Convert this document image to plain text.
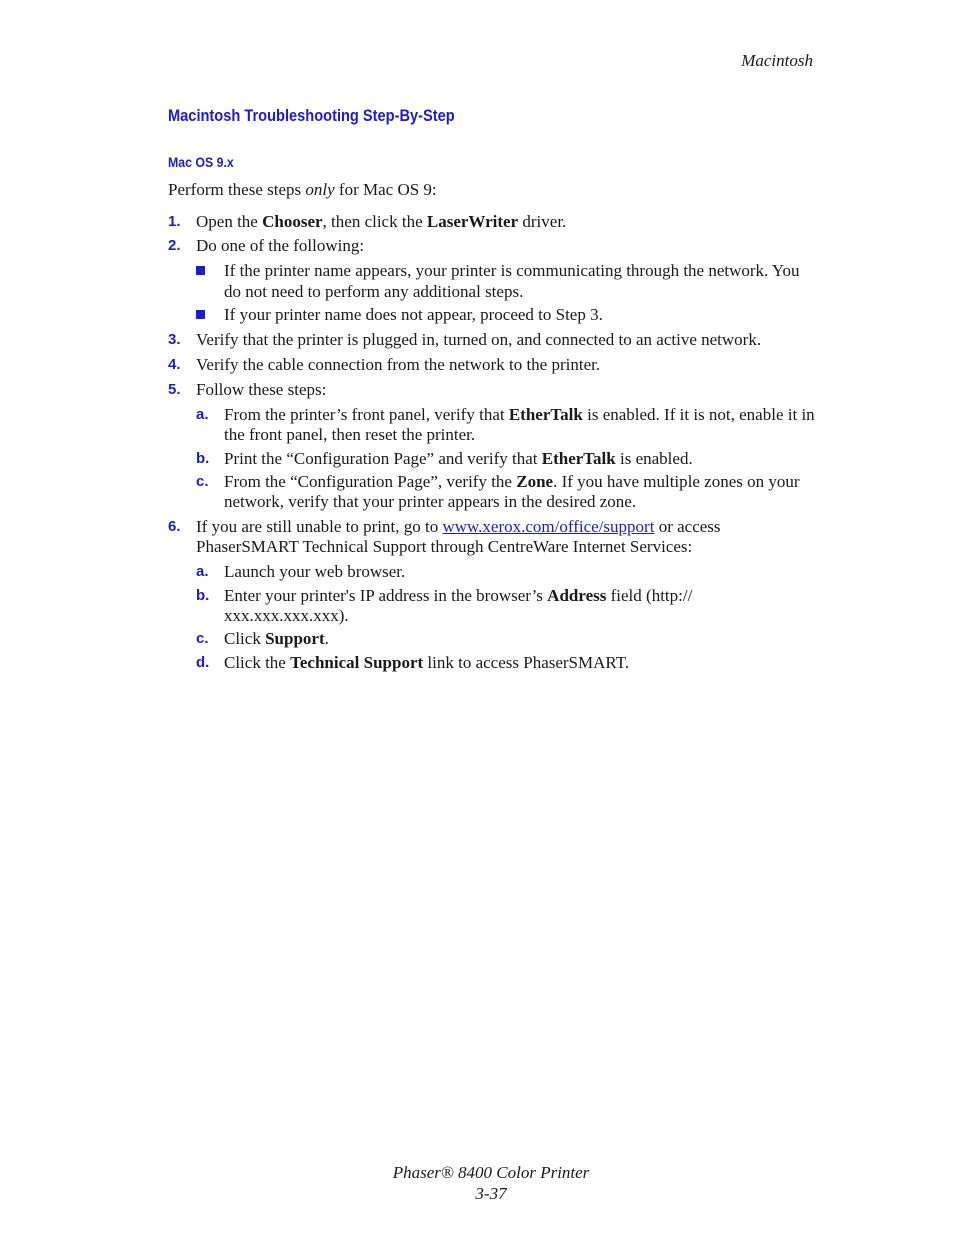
Macintosh
Macintosh Troubleshooting Step-By-Step
Mac OS 9.x
Perform these steps only for Mac OS 9:
1. Open the Chooser, then click the LaserWriter driver.
2. Do one of the following:
If the printer name appears, your printer is communicating through the network. You
do not need to perform any additional steps.
If your printer name does not appear, proceed to Step 3.
3. Verify that the printer is plugged in, turned on, and connected to an active network.
4. Verify the cable connection from the network to the printer.
5. Follow these steps:
a. From the printer’s front panel, verify that EtherTalk is enabled. If it is not, enable it in
the front panel, then reset the printer.
b. Print the “Configuration Page” and verify that EtherTalk is enabled.
c. From the “Configuration Page”, verify the Zone. If you have multiple zones on your
network, verify that your printer appears in the desired zone.
6. If you are still unable to print, go to www.xerox.com/office/support or access
PhaserSMART Technical Support through CentreWare Internet Services:
a. Launch your web browser.
b. Enter your printer's IP address in the browser’s Address field (http://
xxx.xxx.xxx.xxx).
c. Click Support.
d. Click the Technical Support link to access PhaserSMART.
Phaser® 8400 Color Printer
3-37
